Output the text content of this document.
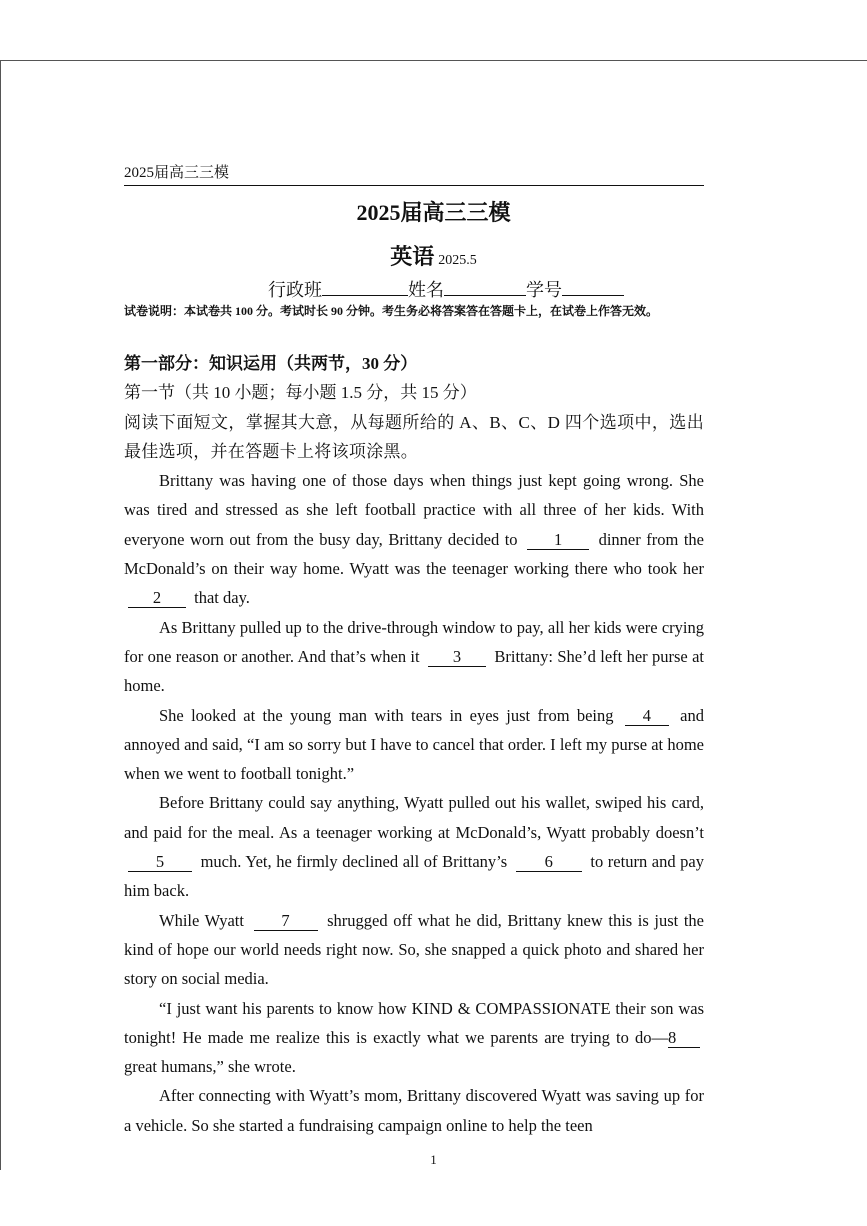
2025届高三三模
2025届高三三模
英语 2025.5
行政班	姓名	学号
试卷说明：本试卷共 100 分。考试时长 90 分钟。考生务必将答案答在答题卡上，在试卷上作答无效。

第一部分：知识运用（共两节，30 分）

第一节（共 10 小题；每小题 1.5 分，共 15 分）

阅读下面短文，掌握其大意，从每题所给的 A、B、C、D 四个选项中，选出最佳选项，并在答题卡上将该项涂黑。

Brittany was having one of those days when things just kept going wrong. She was tired and stressed as she left football practice with all three of her kids. With everyone worn out from the busy day, Brittany decided to 1 dinner from the McDonald’s on their way home. Wyatt was the teenager working there who took her 2 that day.

As Brittany pulled up to the drive-through window to pay, all her kids were crying for one reason or another. And that’s when it 3 Brittany: She’d left her purse at home.

She looked at the young man with tears in eyes just from being 4 and annoyed and said, “I am so sorry but I have to cancel that order. I left my purse at home when we went to football tonight.”

Before Brittany could say anything, Wyatt pulled out his wallet, swiped his card, and paid for the meal. As a teenager working at McDonald’s, Wyatt probably doesn’t 5 much. Yet, he firmly declined all of Brittany’s 6 to return and pay him back.

While Wyatt 7 shrugged off what he did, Brittany knew this is just the kind of hope our world needs right now. So, she snapped a quick photo and shared her story on social media.

“I just want his parents to know how KIND & COMPASSIONATE their son was tonight! He made me realize this is exactly what we parents are trying to do—8 great humans,” she wrote.

After connecting with Wyatt’s mom, Brittany discovered Wyatt was saving up for a vehicle. So she started a fundraising campaign online to help the teen

1
